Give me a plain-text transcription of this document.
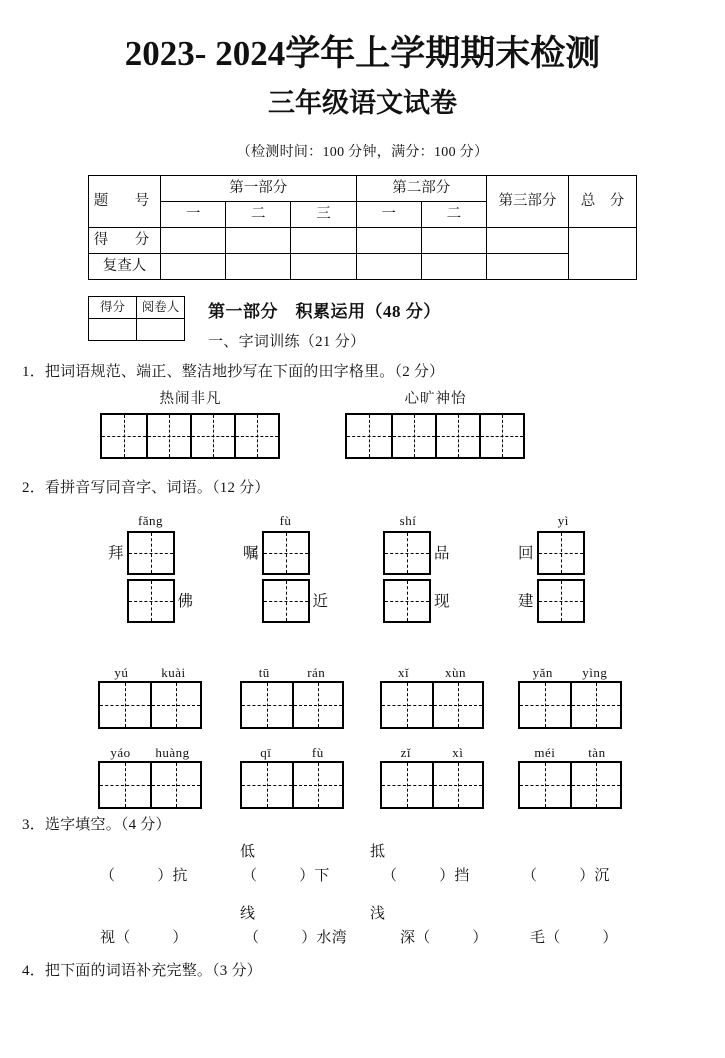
2023- 2024学年上学期期末检测
三年级语文试卷
（检测时间：100 分钟，满分：100 分）
题　号	第一部分			第二部分		第三部分	总　分
	一	二	三	一	二		
得　分							
复查人							
得分	阅卷人
	第一部分　积累运用（48 分）
一、字词训练（21 分）
1．把词语规范、端正、整洁地抄写在下面的田字格里。（2 分）
热闹非凡	心旷神怡
2．看拼音写同音字、词语。（12 分）
fǎng
拜
佛
fù
嘱
近
shí
品
现
yì
回
建
yú	kuài	tū	rán	xǐ	xùn	yǎn yìng
yáo huàng	qī	fù	zǐ	xì	méi	tàn
3．选字填空。（4 分）
低	抵
（	）抗	（	）下	（	）挡	（	）沉
线	浅
视（	）	（	）水湾	深（	）	毛（	）
4．把下面的词语补充完整。（3 分）
